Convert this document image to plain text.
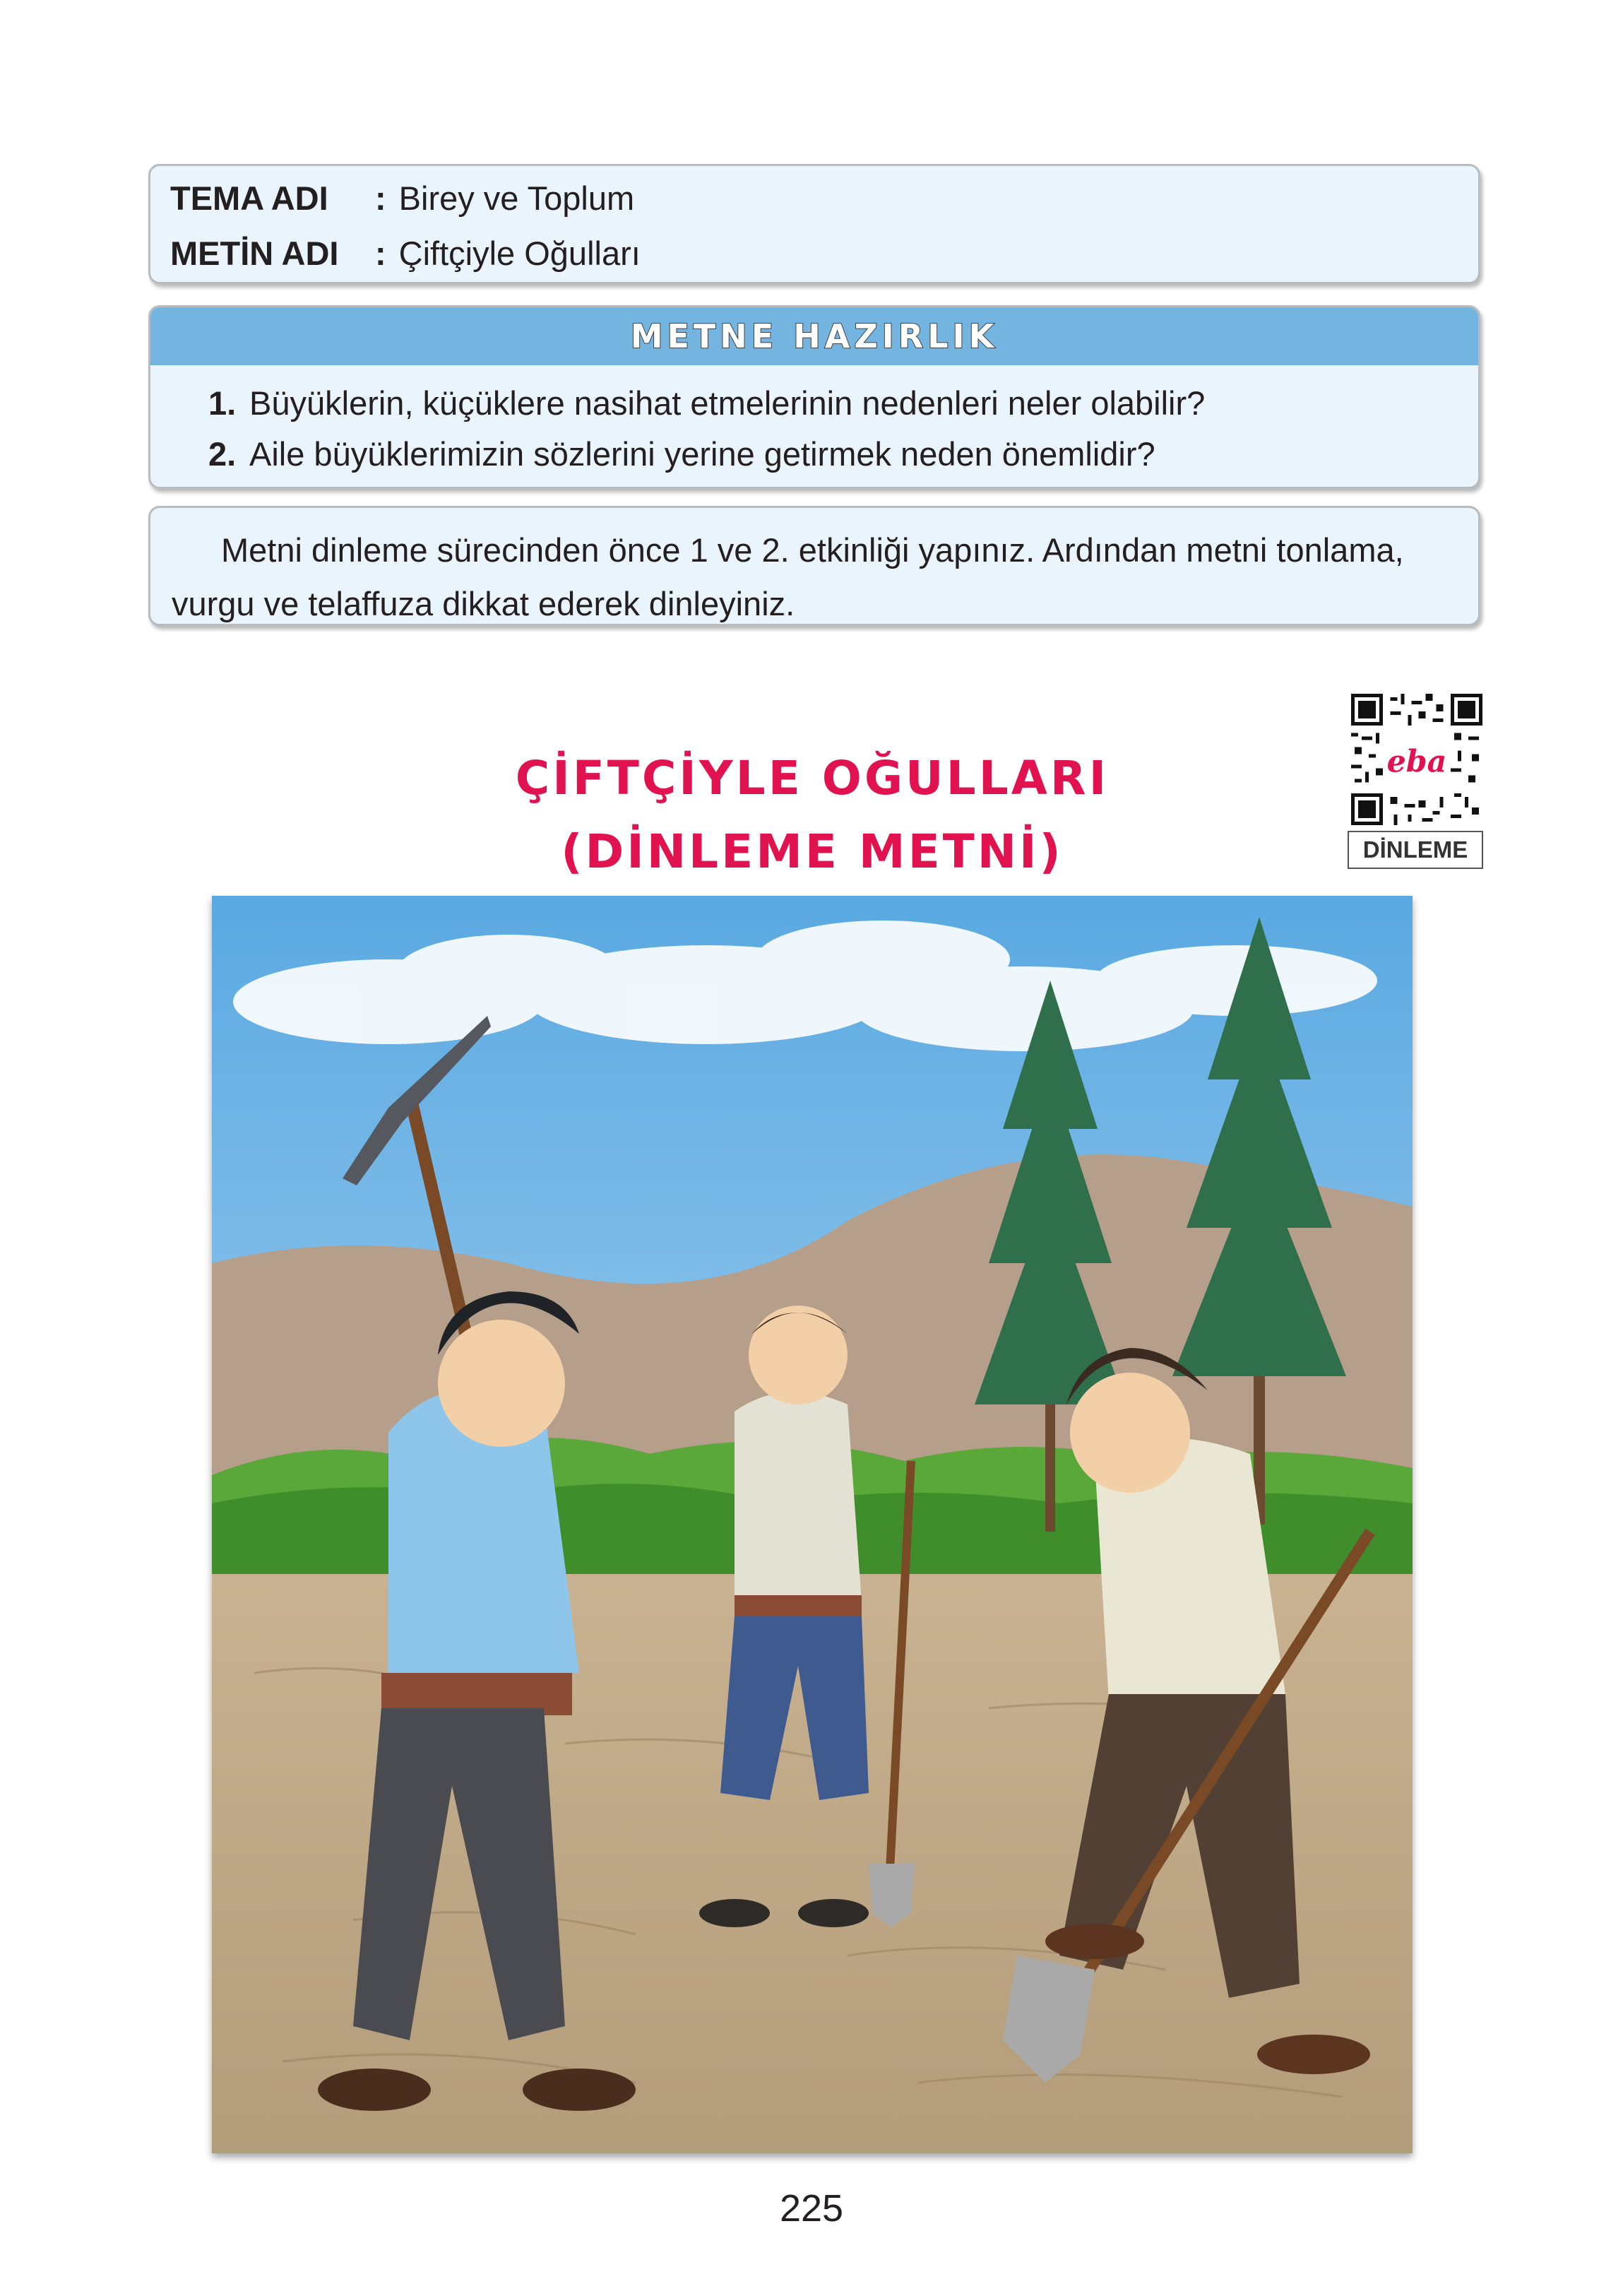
TEMA ADI	: Birey ve Toplum
METİN ADI	: Çiftçiyle Oğulları
METNE HAZIRLIK
1. Büyüklerin, küçüklere nasihat etmelerinin nedenleri neler olabilir?
2. Aile büyüklerimizin sözlerini yerine getirmek neden önemlidir?

Metni dinleme sürecinden önce 1 ve 2. etkinliği yapınız. Ardından metni tonlama, vurgu ve telaffuza dikkat ederek dinleyiniz.

ÇİFTÇİYLE OĞULLARI
(DİNLEME METNİ)
eba
DİNLEME
225
